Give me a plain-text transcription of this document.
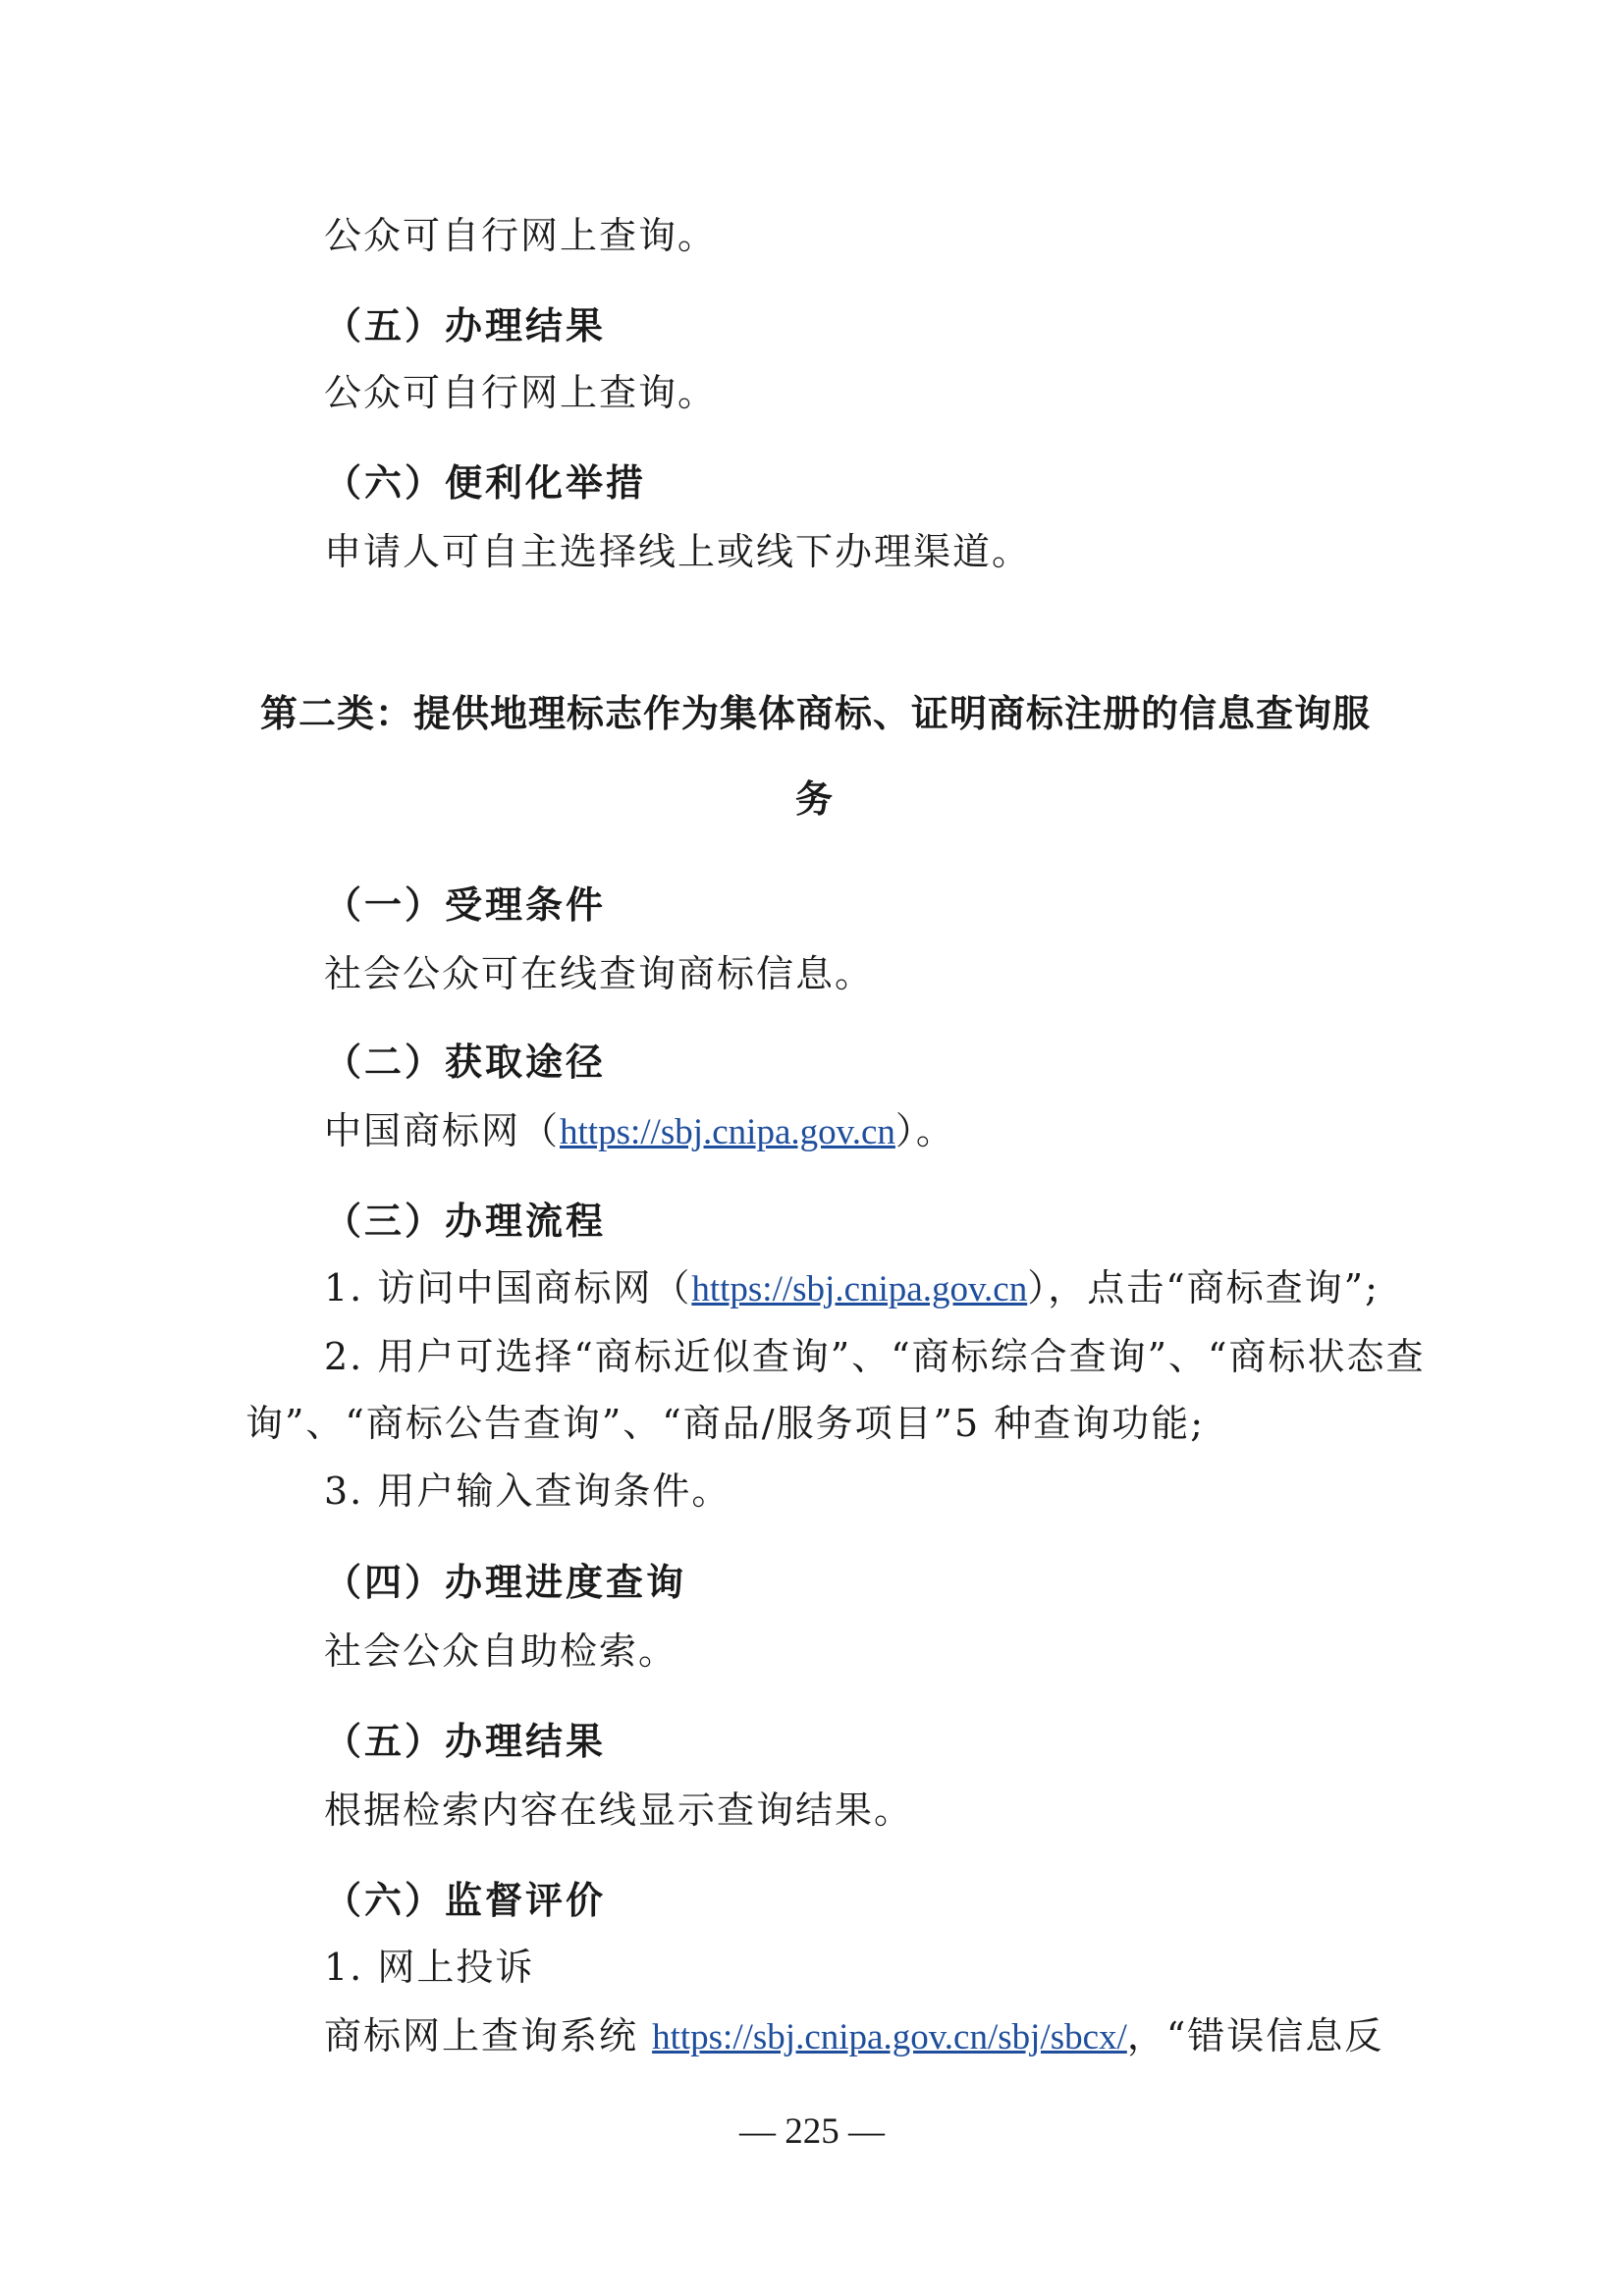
公众可自行网上查询。
（五）办理结果
公众可自行网上查询。
（六）便利化举措
申请人可自主选择线上或线下办理渠道。
第二类：提供地理标志作为集体商标、证明商标注册的信息查询服
务
（一）受理条件
社会公众可在线查询商标信息。
（二）获取途径
中国商标网（https://sbj.cnipa.gov.cn）。
（三）办理流程
1. 访问中国商标网（https://sbj.cnipa.gov.cn），点击“商标查询”;
2. 用户可选择“商标近似查询”、“商标综合查询”、“商标状态查
询”、“商标公告查询”、“商品/服务项目”5 种查询功能;
3. 用户输入查询条件。
（四）办理进度查询
社会公众自助检索。
（五）办理结果
根据检索内容在线显示查询结果。
（六）监督评价
1. 网上投诉
商标网上查询系统 https://sbj.cnipa.gov.cn/sbj/sbcx/，“错误信息反
— 225 —
